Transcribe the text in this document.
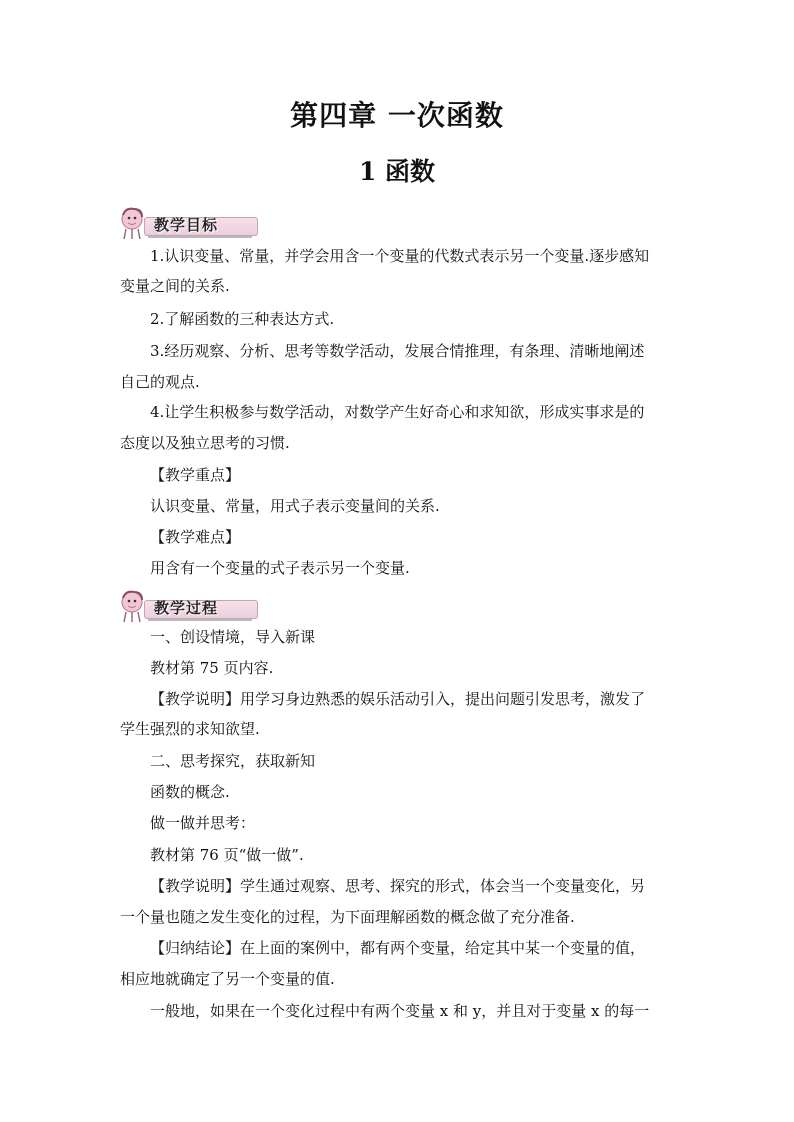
第四章 一次函数
1 函数
教学目标
1.认识变量、常量，并学会用含一个变量的代数式表示另一个变量.逐步感知
变量之间的关系.
2.了解函数的三种表达方式.
3.经历观察、分析、思考等数学活动，发展合情推理，有条理、清晰地阐述
自己的观点.
4.让学生积极参与数学活动，对数学产生好奇心和求知欲，形成实事求是的
态度以及独立思考的习惯.
【教学重点】
认识变量、常量，用式子表示变量间的关系.
【教学难点】
用含有一个变量的式子表示另一个变量.
教学过程
一、创设情境，导入新课
教材第 75 页内容.
【教学说明】用学习身边熟悉的娱乐活动引入，提出问题引发思考，激发了
学生强烈的求知欲望.
二、思考探究，获取新知
函数的概念.
做一做并思考：
教材第 76 页“做一做”.
【教学说明】学生通过观察、思考、探究的形式，体会当一个变量变化，另
一个量也随之发生变化的过程，为下面理解函数的概念做了充分准备.
【归纳结论】在上面的案例中，都有两个变量，给定其中某一个变量的值，
相应地就确定了另一个变量的值.
一般地，如果在一个变化过程中有两个变量 x 和 y，并且对于变量 x 的每一
